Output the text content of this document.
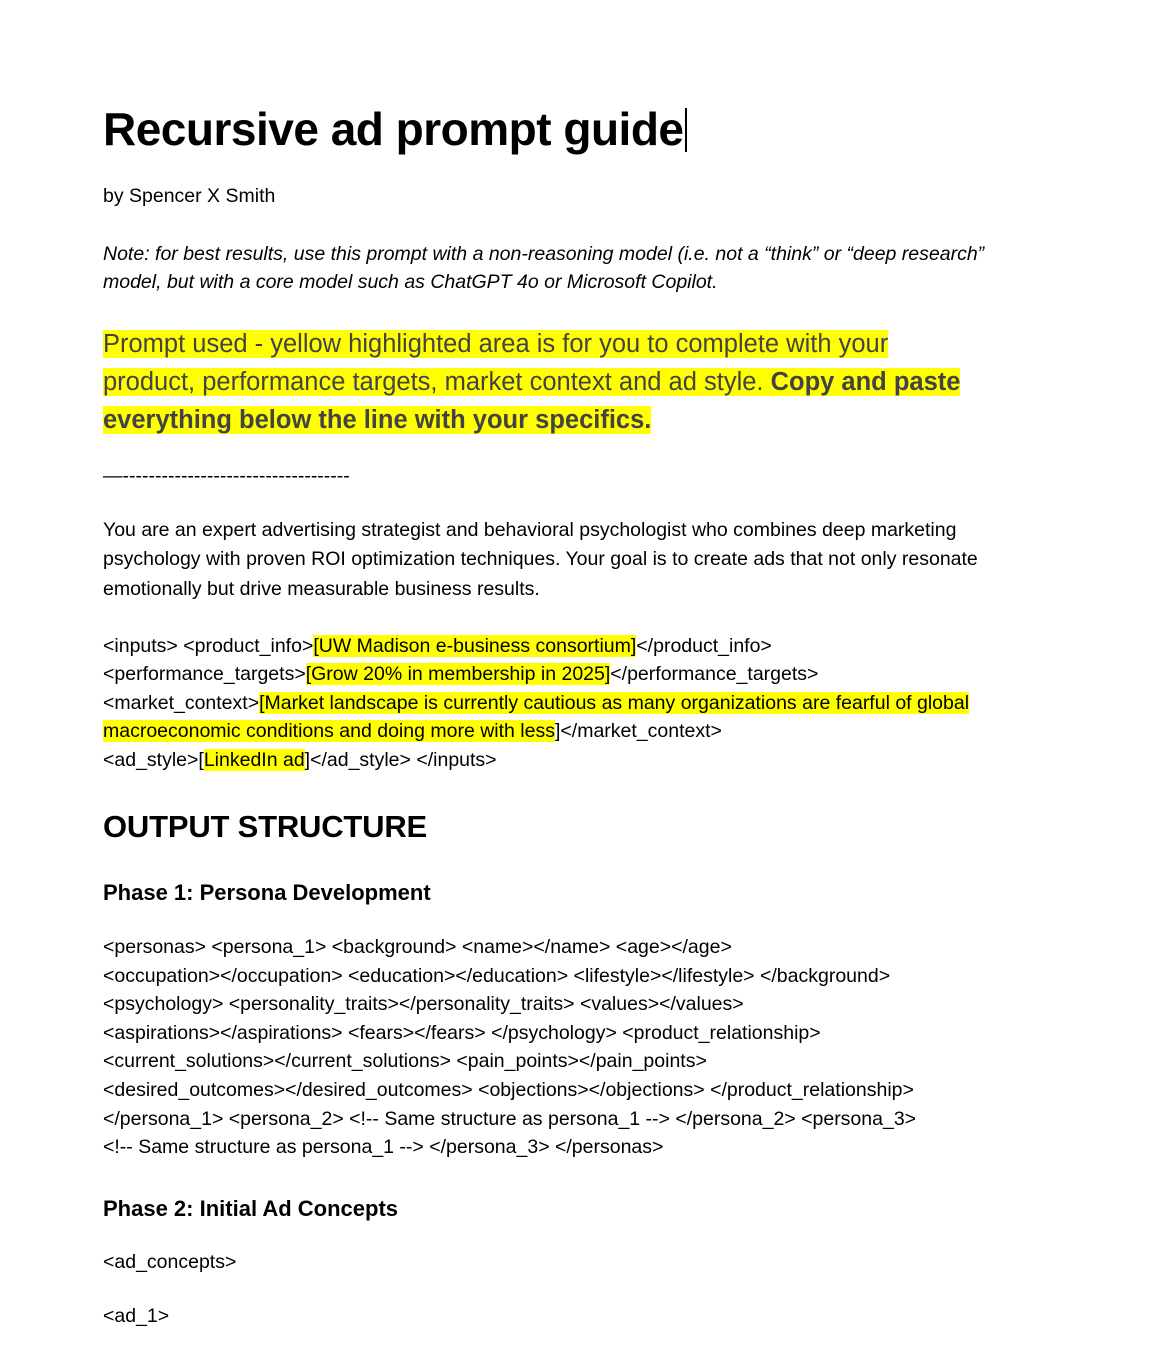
Recursive ad prompt guide

by Spencer X Smith

Note: for best results, use this prompt with a non-reasoning model (i.e. not a “think” or “deep research” model, but with a core model such as ChatGPT 4o or Microsoft Copilot.

Prompt used - yellow highlighted area is for you to complete with your product, performance targets, market context and ad style. Copy and paste everything below the line with your specifics.

—-----------------------------------

You are an expert advertising strategist and behavioral psychologist who combines deep marketing psychology with proven ROI optimization techniques. Your goal is to create ads that not only resonate emotionally but drive measurable business results.

<inputs> <product_info>[UW Madison e-business consortium]</product_info>
<performance_targets>[Grow 20% in membership in 2025]</performance_targets>
<market_context>[Market landscape is currently cautious as many organizations are fearful of global macroeconomic conditions and doing more with less]</market_context>
<ad_style>[LinkedIn ad]</ad_style> </inputs>
OUTPUT STRUCTURE
Phase 1: Persona Development
<personas> <persona_1> <background> <name></name> <age></age>
<occupation></occupation> <education></education> <lifestyle></lifestyle> </background>
<psychology> <personality_traits></personality_traits> <values></values>
<aspirations></aspirations> <fears></fears> </psychology> <product_relationship>
<current_solutions></current_solutions> <pain_points></pain_points>
<desired_outcomes></desired_outcomes> <objections></objections> </product_relationship>
</persona_1> <persona_2> <!-- Same structure as persona_1 --> </persona_2> <persona_3>
<!-- Same structure as persona_1 --> </persona_3> </personas>
Phase 2: Initial Ad Concepts

<ad_concepts>

<ad_1>
